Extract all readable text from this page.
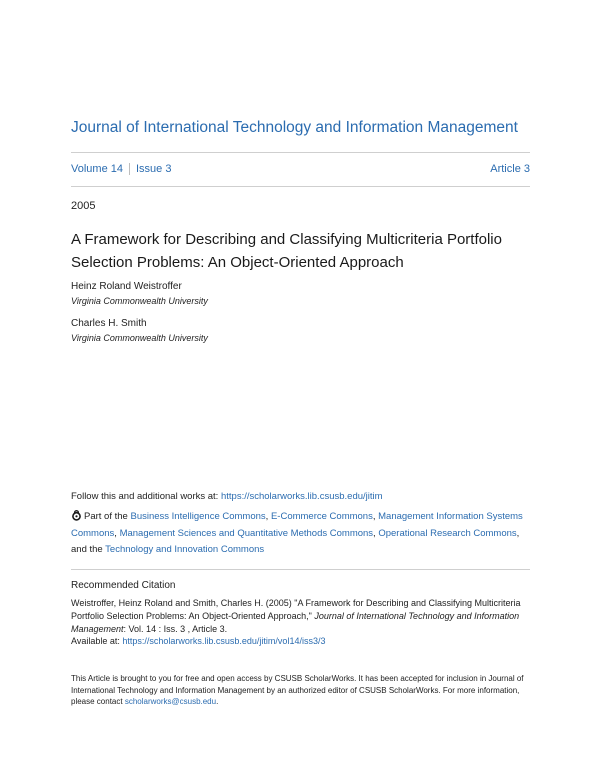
Journal of International Technology and Information Management
Volume 14 Issue 3	Article 3
2005
A Framework for Describing and Classifying Multicriteria Portfolio Selection Problems: An Object-Oriented Approach
Heinz Roland Weistroffer
Virginia Commonwealth University
Charles H. Smith
Virginia Commonwealth University
Follow this and additional works at: https://scholarworks.lib.csusb.edu/jitim
Part of the Business Intelligence Commons, E-Commerce Commons, Management Information Systems Commons, Management Sciences and Quantitative Methods Commons, Operational Research Commons, and the Technology and Innovation Commons
Recommended Citation
Weistroffer, Heinz Roland and Smith, Charles H. (2005) "A Framework for Describing and Classifying Multicriteria Portfolio Selection Problems: An Object-Oriented Approach," Journal of International Technology and Information Management: Vol. 14 : Iss. 3 , Article 3.
Available at: https://scholarworks.lib.csusb.edu/jitim/vol14/iss3/3
This Article is brought to you for free and open access by CSUSB ScholarWorks. It has been accepted for inclusion in Journal of International Technology and Information Management by an authorized editor of CSUSB ScholarWorks. For more information, please contact scholarworks@csusb.edu.
